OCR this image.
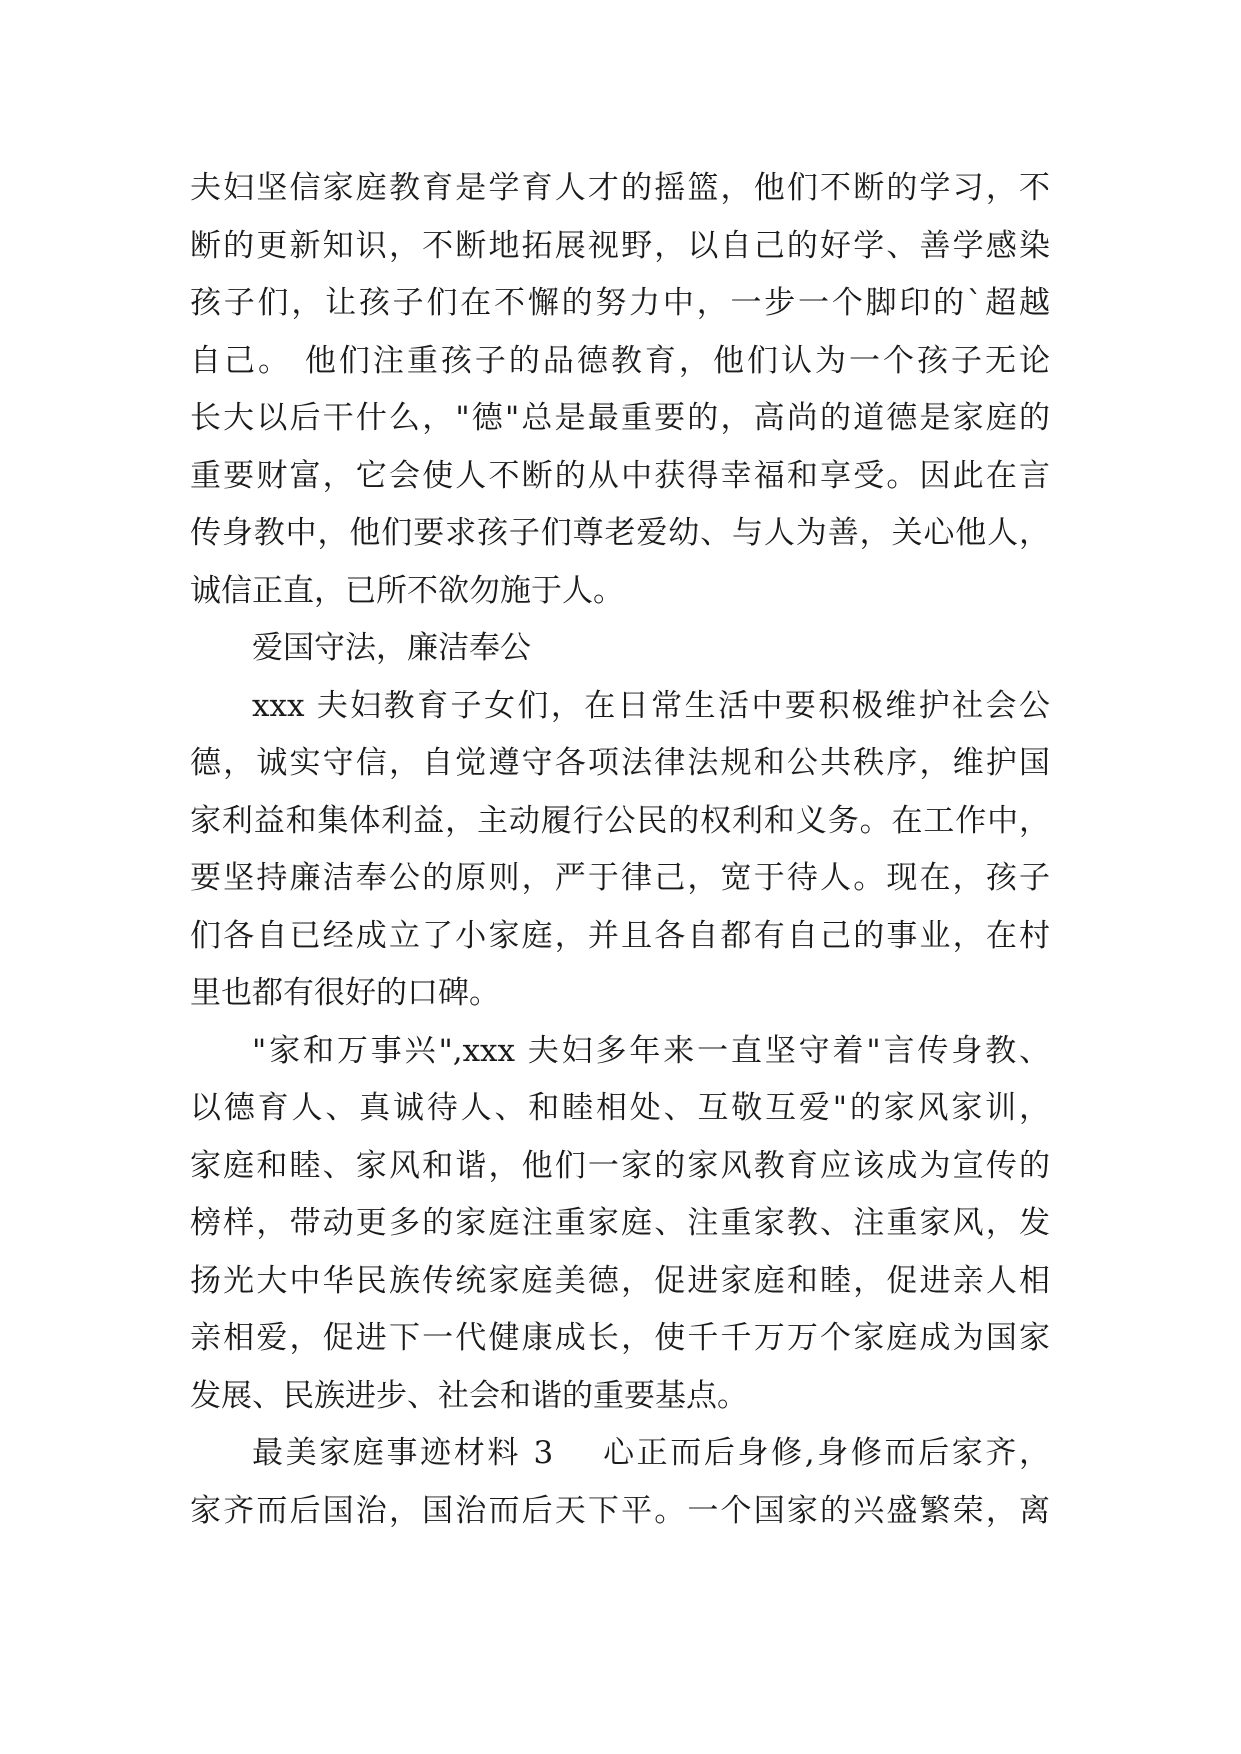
夫妇坚信家庭教育是学育人才的摇篮，他们不断的学习，不
断的更新知识，不断地拓展视野，以自己的好学、善学感染
孩子们，让孩子们在不懈的努力中，一步一个脚印的`超越
自己。 他们注重孩子的品德教育，他们认为一个孩子无论
长大以后干什么，"德"总是最重要的，高尚的道德是家庭的
重要财富，它会使人不断的从中获得幸福和享受。因此在言
传身教中，他们要求孩子们尊老爱幼、与人为善，关心他人，
诚信正直，已所不欲勿施于人。
爱国守法，廉洁奉公
xxx 夫妇教育子女们，在日常生活中要积极维护社会公
德，诚实守信，自觉遵守各项法律法规和公共秩序，维护国
家利益和集体利益，主动履行公民的权利和义务。在工作中，
要坚持廉洁奉公的原则，严于律己，宽于待人。现在，孩子
们各自已经成立了小家庭，并且各自都有自己的事业，在村
里也都有很好的口碑。
"家和万事兴",xxx 夫妇多年来一直坚守着"言传身教、
以德育人、真诚待人、和睦相处、互敬互爱"的家风家训，
家庭和睦、家风和谐，他们一家的家风教育应该成为宣传的
榜样，带动更多的家庭注重家庭、注重家教、注重家风，发
扬光大中华民族传统家庭美德，促进家庭和睦，促进亲人相
亲相爱，促进下一代健康成长，使千千万万个家庭成为国家
发展、民族进步、社会和谐的重要基点。
最美家庭事迹材料 3    心正而后身修,身修而后家齐，
家齐而后国治，国治而后天下平。一个国家的兴盛繁荣，离
